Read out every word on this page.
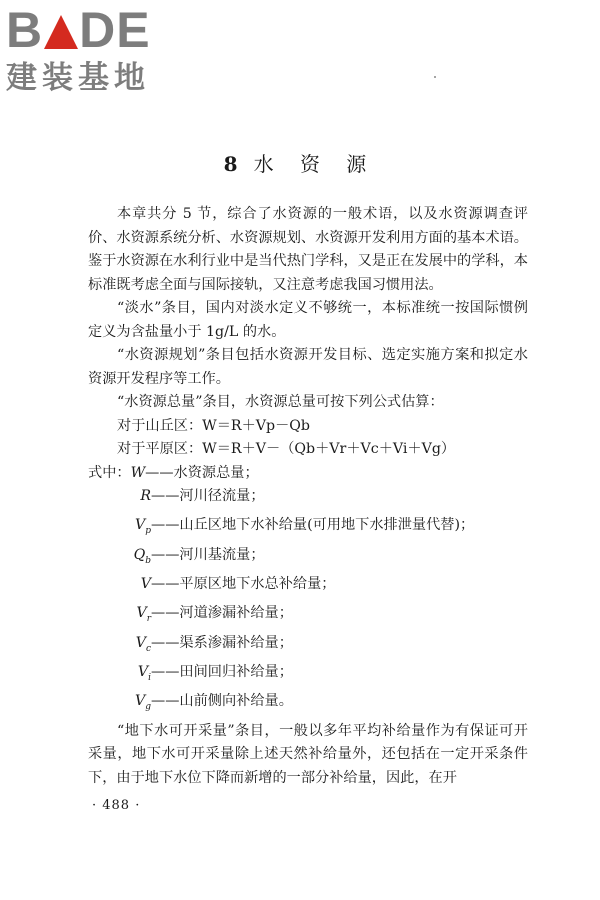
B DE
建装基地
8 水 资 源

本章共分 5 节，综合了水资源的一般术语，以及水资源调查评价、水资源系统分析、水资源规划、水资源开发利用方面的基本术语。鉴于水资源在水利行业中是当代热门学科，又是正在发展中的学科，本标准既考虑全面与国际接轨，又注意考虑我国习惯用法。

“淡水”条目，国内对淡水定义不够统一，本标准统一按国际惯例定义为含盐量小于 1g/L 的水。

“水资源规划”条目包括水资源开发目标、选定实施方案和拟定水资源开发程序等工作。

“水资源总量”条目，水资源总量可按下列公式估算：

对于山丘区：W＝R＋Vp－Qb

对于平原区：W＝R＋V－（Qb＋Vr＋Vc＋Vi＋Vg）

式中：W——水资源总量；

R——河川径流量；

$V_p——$山丘区地下水补给量(可用地下水排泄量代替)；

$Q_b——$河川基流量；

V——平原区地下水总补给量；

$V_r——$河道渗漏补给量；

$V_c——$渠系渗漏补给量；

$V_i——$田间回归补给量；

$V_g——$山前侧向补给量。

“地下水可开采量”条目，一般以多年平均补给量作为有保证可开采量，地下水可开采量除上述天然补给量外，还包括在一定开采条件下，由于地下水位下降而新增的一部分补给量，因此，在开

· 488 ·
